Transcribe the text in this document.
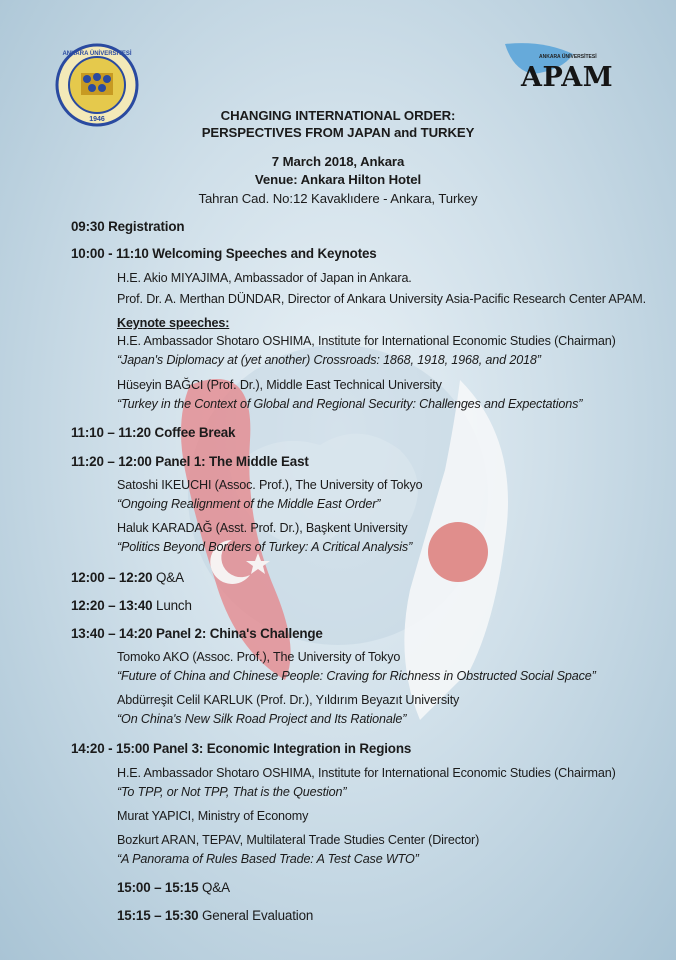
ANKARA ÜNİVERSİTESİ
1946
ANKARA ÜNİVERSİTESİ
APAM
CHANGING INTERNATIONAL ORDER:
PERSPECTIVES FROM JAPAN and TURKEY
7 March 2018, Ankara
Venue: Ankara Hilton Hotel
Tahran Cad. No:12 Kavaklıdere - Ankara, Turkey
09:30 Registration
10:00 - 11:10 Welcoming Speeches and Keynotes
H.E. Akio MIYAJIMA, Ambassador of Japan in Ankara.
Prof. Dr. A. Merthan DÜNDAR, Director of Ankara University Asia-Pacific Research Center APAM.
Keynote speeches:
H.E. Ambassador Shotaro OSHIMA, Institute for International Economic Studies (Chairman)
“Japan's Diplomacy at (yet another) Crossroads: 1868, 1918, 1968, and 2018”
Hüseyin BAĞCI (Prof. Dr.), Middle East Technical University
“Turkey in the Context of Global and Regional Security: Challenges and Expectations”
11:10 – 11:20 Coffee Break
11:20 – 12:00 Panel 1: The Middle East
Satoshi IKEUCHI (Assoc. Prof.), The University of Tokyo
“Ongoing Realignment of the Middle East Order”
Haluk KARADAĞ (Asst. Prof. Dr.), Başkent University
“Politics Beyond Borders of Turkey: A Critical Analysis”
12:00 – 12:20 Q&A
12:20 – 13:40 Lunch
13:40 – 14:20 Panel 2: China's Challenge
Tomoko AKO (Assoc. Prof.), The University of Tokyo
“Future of China and Chinese People: Craving for Richness in Obstructed Social Space”
Abdürreşit Celil KARLUK (Prof. Dr.), Yıldırım Beyazıt University
“On China's New Silk Road Project and Its Rationale”
14:20 - 15:00 Panel 3: Economic Integration in Regions
H.E. Ambassador Shotaro OSHIMA, Institute for International Economic Studies (Chairman)
“To TPP, or Not TPP, That is the Question”
Murat YAPICI, Ministry of Economy
Bozkurt ARAN, TEPAV, Multilateral Trade Studies Center (Director)
“A Panorama of Rules Based Trade: A Test Case WTO”
15:00 – 15:15 Q&A
15:15 – 15:30 General Evaluation
